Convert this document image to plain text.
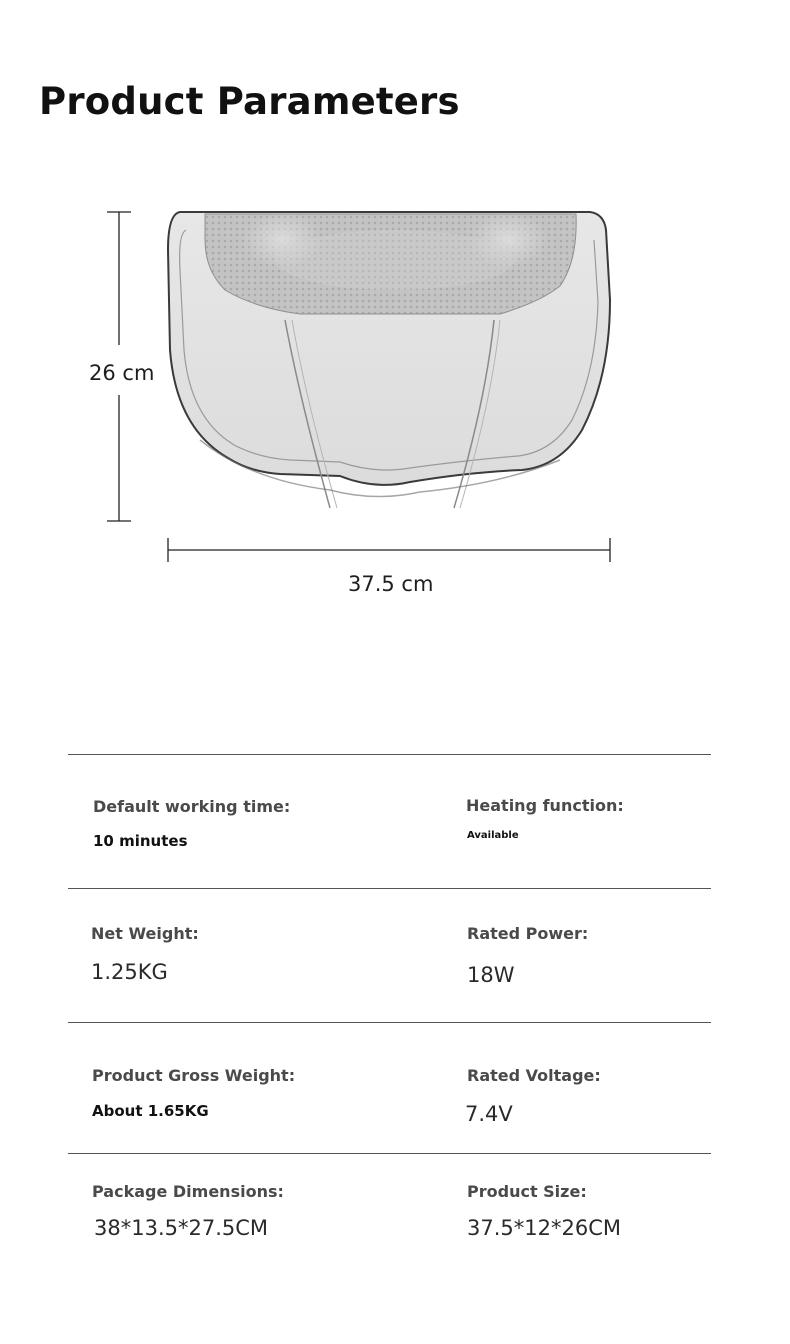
Product Parameters
26 cm
37.5 cm
Default working time:
10 minutes
Heating function:
Available
Net Weight:
1.25KG
Rated Power:
18W
Product Gross Weight:
About 1.65KG
Rated Voltage:
7.4V
Package Dimensions:
38*13.5*27.5CM
Product Size:
37.5*12*26CM
